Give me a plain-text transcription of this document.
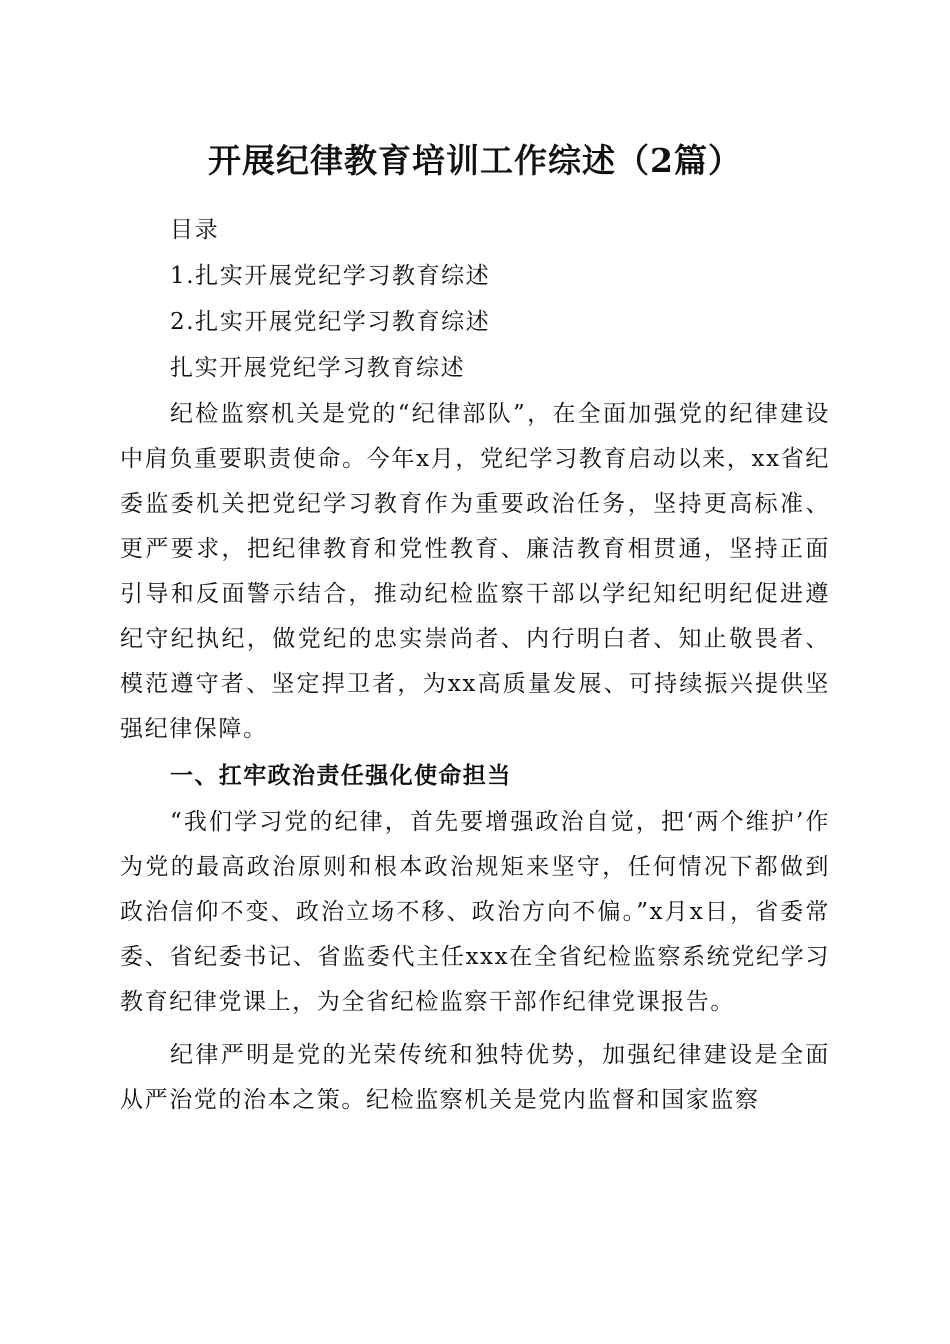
开展纪律教育培训工作综述（2篇）

目录

1.扎实开展党纪学习教育综述

2.扎实开展党纪学习教育综述

扎实开展党纪学习教育综述

纪检监察机关是党的“纪律部队”，在全面加强党的纪律建设中肩负重要职责使命。今年x月，党纪学习教育启动以来，xx省纪委监委机关把党纪学习教育作为重要政治任务，坚持更高标准、更严要求，把纪律教育和党性教育、廉洁教育相贯通，坚持正面引导和反面警示结合，推动纪检监察干部以学纪知纪明纪促进遵纪守纪执纪，做党纪的忠实崇尚者、内行明白者、知止敬畏者、模范遵守者、坚定捍卫者，为xx高质量发展、可持续振兴提供坚强纪律保障。

一、扛牢政治责任强化使命担当

“我们学习党的纪律，首先要增强政治自觉，把‘两个维护’作为党的最高政治原则和根本政治规矩来坚守，任何情况下都做到政治信仰不变、政治立场不移、政治方向不偏。”x月x日，省委常委、省纪委书记、省监委代主任xxx在全省纪检监察系统党纪学习教育纪律党课上，为全省纪检监察干部作纪律党课报告。

纪律严明是党的光荣传统和独特优势，加强纪律建设是全面从严治党的治本之策。纪检监察机关是党内监督和国家监察
